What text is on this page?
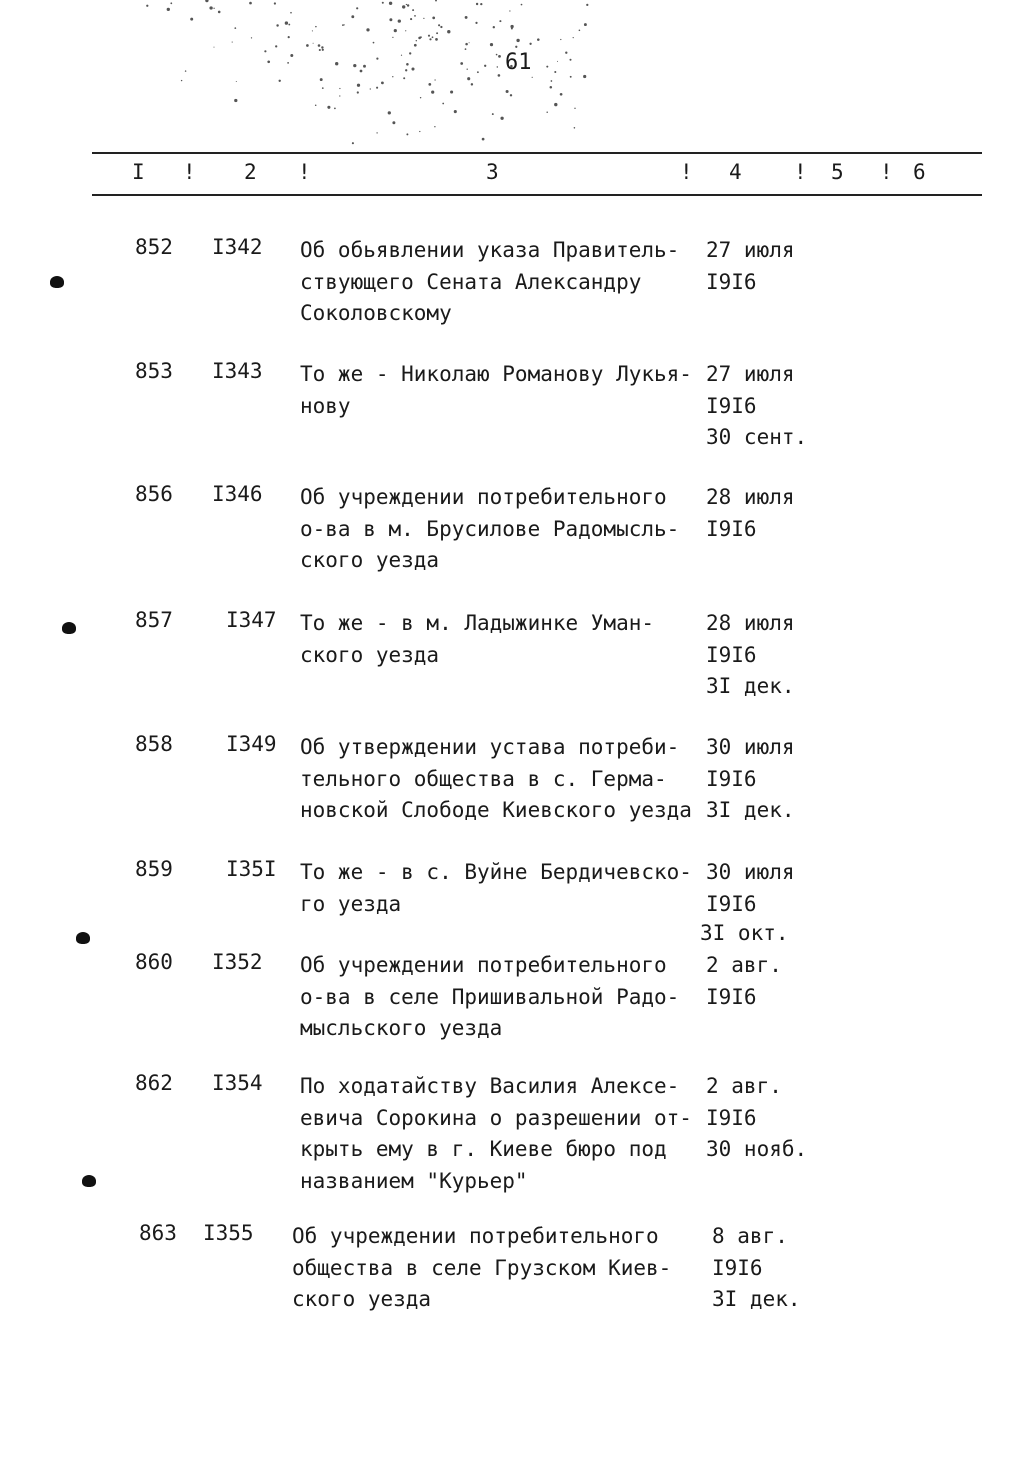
61
I ! 2 !	3	! 4 ! 5 ! 6
852 I342 Об обьявлении указа Правитель-
ствующего Сената Александру
Соколовскому
27 июля
I9I6
853 I343 То же - Николаю Романову Лукья-
нову
27 июля
I9I6
30 сент.
856 I346 Об учреждении потребительного
о-ва в м. Брусилове Радомысль-
ского уезда
28 июля
I9I6
857	I347 То же - в м. Ладыжинке Уман-
ского уезда
28 июля
I9I6
3I дек.
858	I349 Об утверждении устава потреби-
тельного общества в с. Герма-
новской Слободе Киевского уезда
30 июля
I9I6
3I дек.
859	I35I То же - в с. Вуйне Бердичевско-
го уезда
30 июля
I9I6
3I окт.
860 I352 Об учреждении потребительного
о-ва в селе Пришивальной Радо-
мысльского уезда
2 авг.
I9I6
862 I354 По ходатайству Василия Алексе-
евича Сорокина о разрешении от-
крыть ему в г. Киеве бюро под
названием "Курьер"
2 авг.
I9I6
30 нояб.
863 I355 Об учреждении потребительного
общества в селе Грузском Киев-
ского уезда
8 авг.
I9I6
3I дек.
